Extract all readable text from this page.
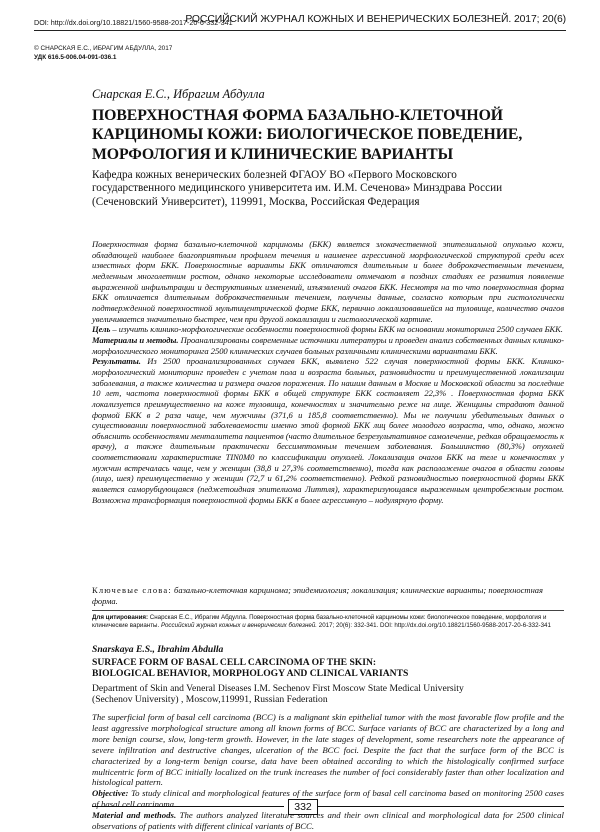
DOI: http://dx.doi.org/10.18821/1560-9588-2017-20-6-332-341
РОССИЙСКИЙ ЖУРНАЛ КОЖНЫХ И ВЕНЕРИЧЕСКИХ БОЛЕЗНЕЙ. 2017; 20(6)
© СНАРСКАЯ Е.С., ИБРАГИМ АБДУЛЛА, 2017
УДК 616.5-006.04-091-036.1
Снарская Е.С., Ибрагим Абдулла
ПОВЕРХНОСТНАЯ ФОРМА БАЗАЛЬНО-КЛЕТОЧНОЙ
КАРЦИНОМЫ КОЖИ: БИОЛОГИЧЕСКОЕ ПОВЕДЕНИЕ,
МОРФОЛОГИЯ И КЛИНИЧЕСКИЕ ВАРИАНТЫ
Кафедра кожных венерических болезней ФГАОУ ВО «Первого Московского
государственного медицинского университета им. И.М. Сеченова» Минздрава России
(Сеченовский Университет), 119991, Москва, Российская Федерация

Поверхностная форма базально-клеточной карциномы (БКК) является злокачественной эпителиальной опухолью кожи, обладающей наиболее благоприятным профилем течения и наименее агрессивной морфологической структурой среди всех известных форм БКК. Поверхностные варианты БКК отличаются длительным и более доброкачественным течением, медленным многолетним ростом, однако некоторые исследователи отмечают в поздних стадиях ее развития появление выраженной инфильтрации и деструктивных изменений, изъязвлений очагов БКК. Несмотря на то что поверхностная форма БКК отличается длительным доброкачественным течением, получены данные, согласно которым при гистологически подтвержденной поверхностной мультицентрической форме БКК, первично локализовавшейся на туловище, количество очагов увеличивается значительно быстрее, чем при другой локализации и гистологической картине.

Цель – изучить клинико-морфологические особенности поверхностной формы БКК на основании мониторинга 2500 случаев БКК.

Материалы и методы. Проанализированы современные источники литературы и проведен анализ собственных данных клинико-морфологического мониторинга 2500 клинических случаев больных различными клиническими вариантами БКК.

Результаты. Из 2500 проанализированных случаев БКК, выявлено 522 случая поверхностной формы БКК. Клинико-морфологический мониторинг проведен с учетом пола и возраста больных, разновидности и преимущественной локализации заболевания, а также количества и размера очагов поражения. По нашим данным в Москве и Московской области за последние 10 лет, частота поверхностной формы БКК в общей структуре БКК составляет 22,3% . Поверхностная форма БКК локализуется преимущественно на коже туловища, конечностях и значительно реже на лице. Женщины страдают данной формой БКК в 2 раза чаще, чем мужчины (371,6 и 185,8 соответственно). Мы не получили убедительных данных о существовании поверхностной заболеваемости именно этой формой БКК лиц более молодого возраста, что, однако, можно объяснить особенностями менталитета пациентов (часто длительное безрезультативное самолечение, редкая обращаемость к врачу), а также длительным практически бессимптомным течением заболевания. Большинство (80,3%) опухолей соответствовали характеристике TIN0M0 по классификации опухолей. Локализация очагов БКК на теле и конечностях у мужчин встречалась чаще, чем у женщин (38,8 и 27,3% соответственно), тогда как расположение очагов в области головы (лицо, шея) преимущественно у женщин (72,7 и 61,2% соответственно). Редкой разновидностью поверхностной формы БКК является саморубцующаяся (педжетоидная эпителиома Литтля), характеризующаяся выраженным центробежным ростом. Возможна трансформация поверхностной формы БКК в более агрессивную – нодулярную форму.

Ключевые слова: базально-клеточная карцинома; эпидемиология; локализация; клинические варианты; поверхностная форма.
Для цитирования: Снарская Е.С., Ибрагим Абдулла. Поверхностная форма базально-клеточной карциномы кожи: биологическое поведение, морфология и клинические варианты. Российский журнал кожных и венерических болезней. 2017; 20(6): 332-341. DOI: http://dx.doi.org/10.18821/1560-9588-2017-20-6-332-341
Snarskaya E.S., Ibrahim Abdulla
SURFACE FORM OF BASAL CELL CARCINOMA OF THE SKIN:
BIOLOGICAL BEHAVIOR, MORPHOLOGY AND CLINICAL VARIANTS
Department of Skin and Veneral Diseases I.M. Sechenov First Moscow State Medical University
(Sechenov University) , Moscow,119991, Russian Federation

The superficial form of basal cell carcinoma (BCC) is a malignant skin epithelial tumor with the most favorable flow profile and the least aggressive morphological structure among all known forms of BCC. Surface variants of BCC are characterized by a long and more benign course, slow, long-term growth. However, in the late stages of development, some researchers note the appearance of severe infiltration and destructive changes, ulceration of the BCC foci. Despite the fact that the surface form of the BCC is characterized by a long-term benign course, data have been obtained according to which the histologically confirmed surface multicentric form of BCC initially localized on the trunk increases the number of foci considerably faster than other localization and histological pattern.

Objective: To study clinical and morphological features of the surface form of basal cell carcinoma based on monitoring 2500 cases of basal cell carcinoma.

Material and methods. The authors analyzed literature sources and their own clinical and morphological data for 2500 clinical observations of patients with different clinical variants of BCC.

332
